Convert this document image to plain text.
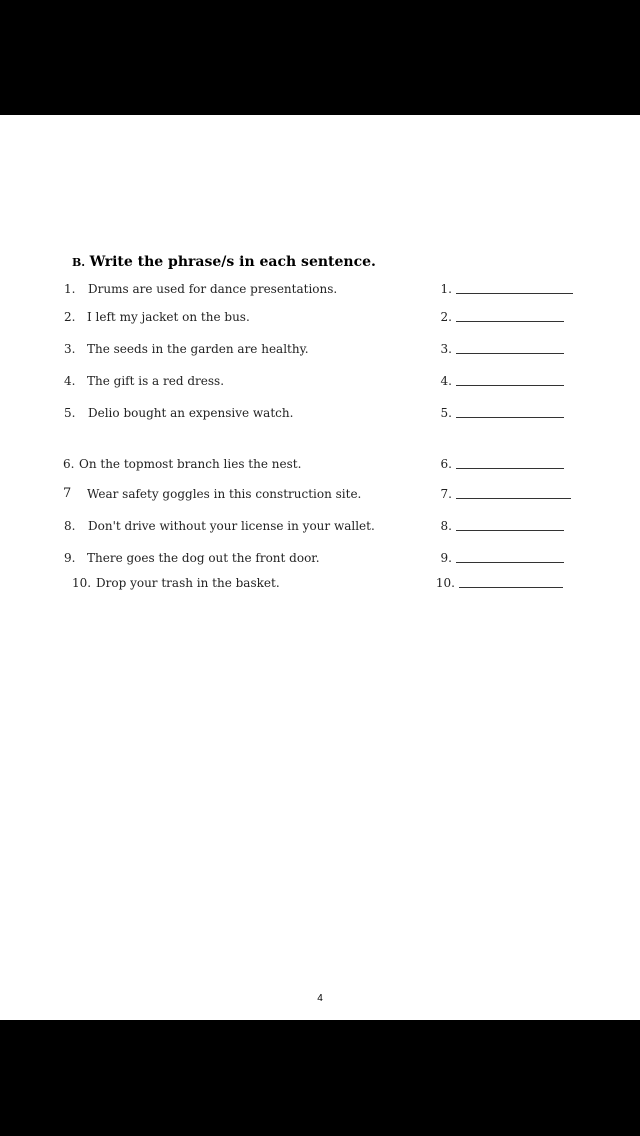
B. Write the phrase/s in each sentence.
1. Drums are used for dance presentations.	1.
2. I left my jacket on the bus.	2.
3. The seeds in the garden are healthy.	3.
4. The gift is a red dress.	4.
5. Delio bought an expensive watch.	5.
6. On the topmost branch lies the nest.	6.
7 Wear safety goggles in this construction site.	7.
8. Don't drive without your license in your wallet.	8.
9. There goes the dog out the front door.	9.
10. Drop your trash in the basket.	10.
4
